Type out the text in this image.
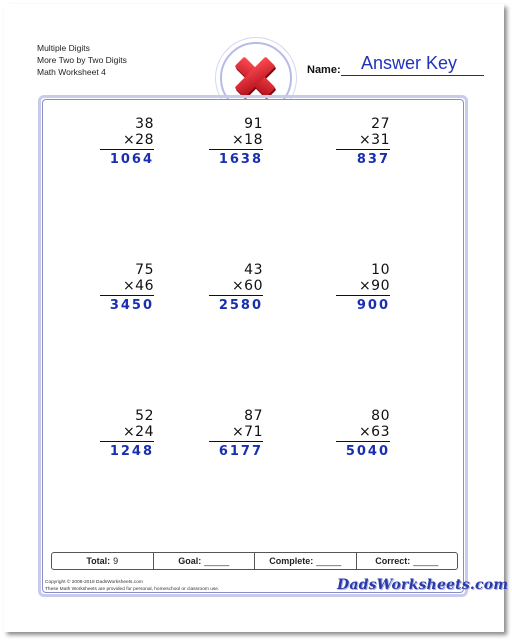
Multiple Digits
More Two by Two Digits
Math Worksheet 4	Name:	Answer Key
38
×28
1064
91
×18
1638
27
×31
837
75
×46
3450
43
×60
2580
10
×90
900
52
×24
1248
87
×71
6177
80
×63
5040
Total: 9	Goal: _____	Complete: _____	Correct: _____
Copyright © 2008-2018 DadsWorksheets.com
These Math Worksheets are provided for personal, homeschool or classroom use.	DadsWorksheets.com
